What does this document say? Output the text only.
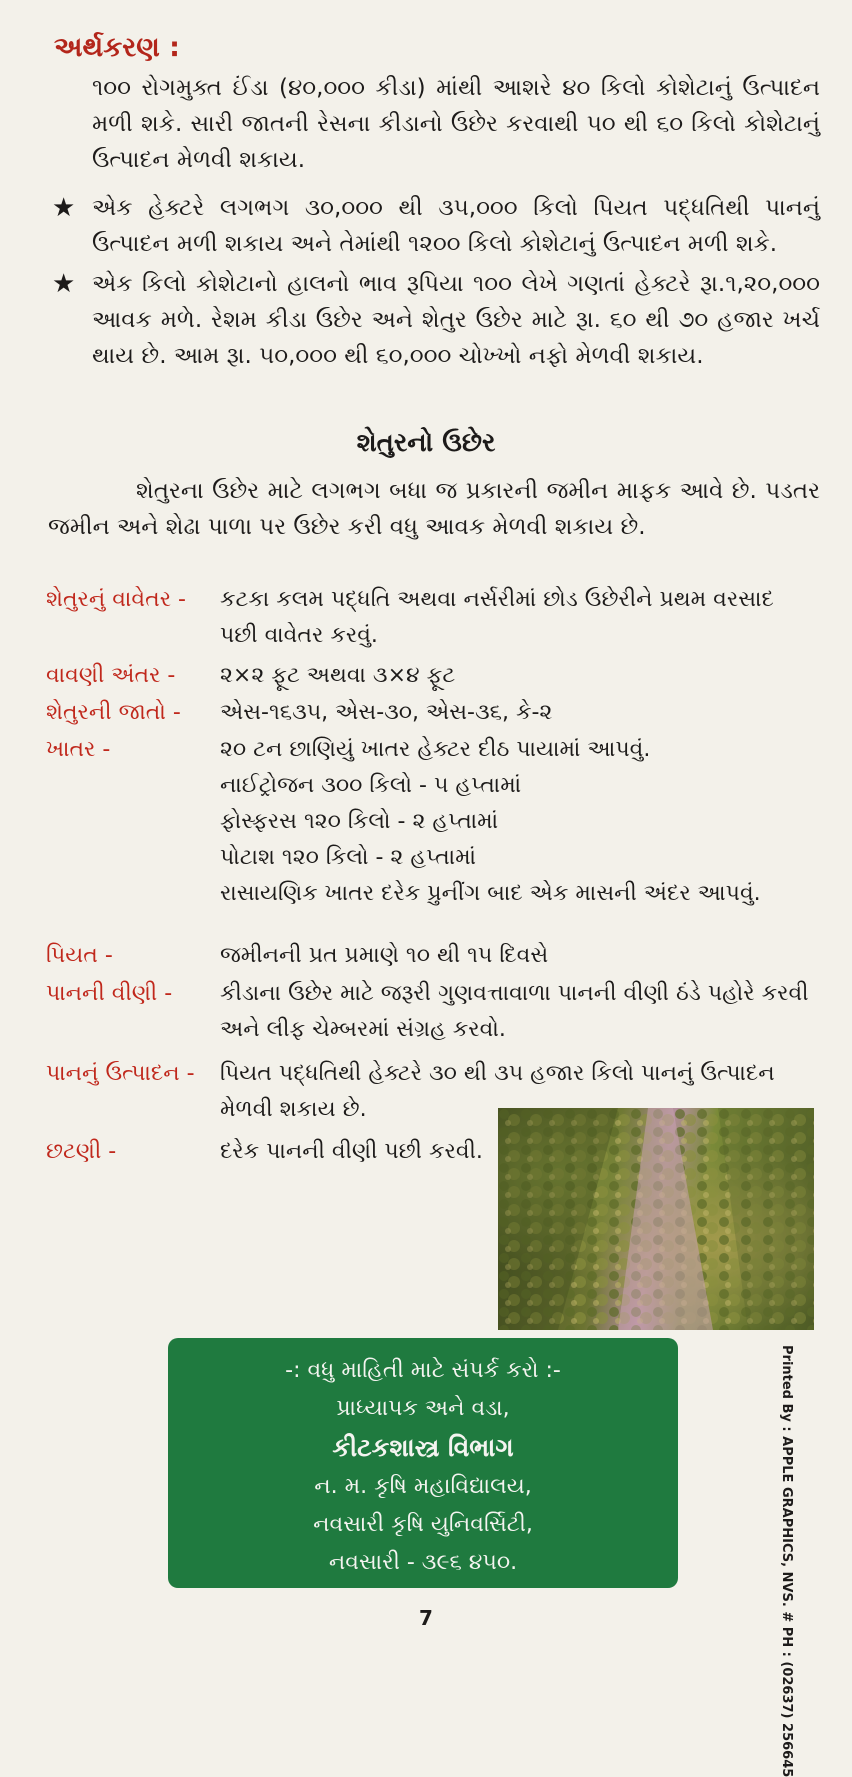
અર્થકરણ :
૧૦૦ રોગમુક્ત ઈંડા (૪૦,૦૦૦ કીડા) માંથી આશરે ૪૦ કિલો કોશેટાનું ઉત્પાદન મળી શકે. સારી જાતની રેસના કીડાનો ઉછેર કરવાથી ૫૦ થી ૬૦ કિલો કોશેટાનું ઉત્પાદન મેળવી શકાય.
★ એક હેક્ટરે લગભગ ૩૦,૦૦૦ થી ૩૫,૦૦૦ કિલો પિયત પદ્ધતિથી પાનનું ઉત્પાદન મળી શકાય અને તેમાંથી ૧૨૦૦ કિલો કોશેટાનું ઉત્પાદન મળી શકે.
★ એક કિલો કોશેટાનો હાલનો ભાવ રૂપિયા ૧૦૦ લેખે ગણતાં હેક્ટરે રૂા.૧,૨૦,૦૦૦ આવક મળે. રેશમ કીડા ઉછેર અને શેતુર ઉછેર માટે રૂા. ૬૦ થી ૭૦ હજાર ખર્ચ થાય છે. આમ રૂા. ૫૦,૦૦૦ થી ૬૦,૦૦૦ ચોખ્ખો નફો મેળવી શકાય.
શેતુરનો ઉછેર
શેતુરના ઉછેર માટે લગભગ બધા જ પ્રકારની જમીન માફક આવે છે. પડતર જમીન અને શેઢા પાળા પર ઉછેર કરી વધુ આવક મેળવી શકાય છે.
શેતુરનું વાવેતર - કટકા કલમ પદ્ધતિ અથવા નર્સરીમાં છોડ ઉછેરીને પ્રથમ વરસાદ પછી વાવેતર કરવું.
વાવણી અંતર - ૨×૨ ફૂટ અથવા ૩×૪ ફૂટ
શેતુરની જાતો - એસ-૧૬૩૫, એસ-૩૦, એસ-૩૬, કે-૨
ખાતર -	૨૦ ટન છાણિયું ખાતર હેક્ટર દીઠ પાયામાં આપવું.
નાઈટ્રોજન ૩૦૦ કિલો - ૫ હપ્તામાં
ફોસ્ફરસ ૧૨૦ કિલો - ૨ હપ્તામાં
પોટાશ ૧૨૦ કિલો - ૨ હપ્તામાં
રાસાયણિક ખાતર દરેક પ્રુનીંગ બાદ એક માસની અંદર આપવું.
પિયત -	જમીનની પ્રત પ્રમાણે ૧૦ થી ૧૫ દિવસે
પાનની વીણી - કીડાના ઉછેર માટે જરૂરી ગુણવત્તાવાળા પાનની વીણી ઠંડે પહોરે કરવી અને લીફ ચેમ્બરમાં સંગ્રહ કરવો.
પાનનું ઉત્પાદન - પિયત પદ્ધતિથી હેક્ટરે ૩૦ થી ૩૫ હજાર કિલો પાનનું ઉત્પાદન મેળવી શકાય છે.
છટણી -	દરેક પાનની વીણી પછી કરવી.
-: વધુ માહિતી માટે સંપર્ક કરો :-
પ્રાધ્યાપક અને વડા,
કીટકશાસ્ત્ર વિભાગ
ન. મ. કૃષિ મહાવિદ્યાલય,
નવસારી કૃષિ યુનિવર્સિટી,
નવસારી - ૩૯૬ ૪૫૦.	Printed By : APPLE GRAPHICS, NVS. # PH : (02637) 256645
7
